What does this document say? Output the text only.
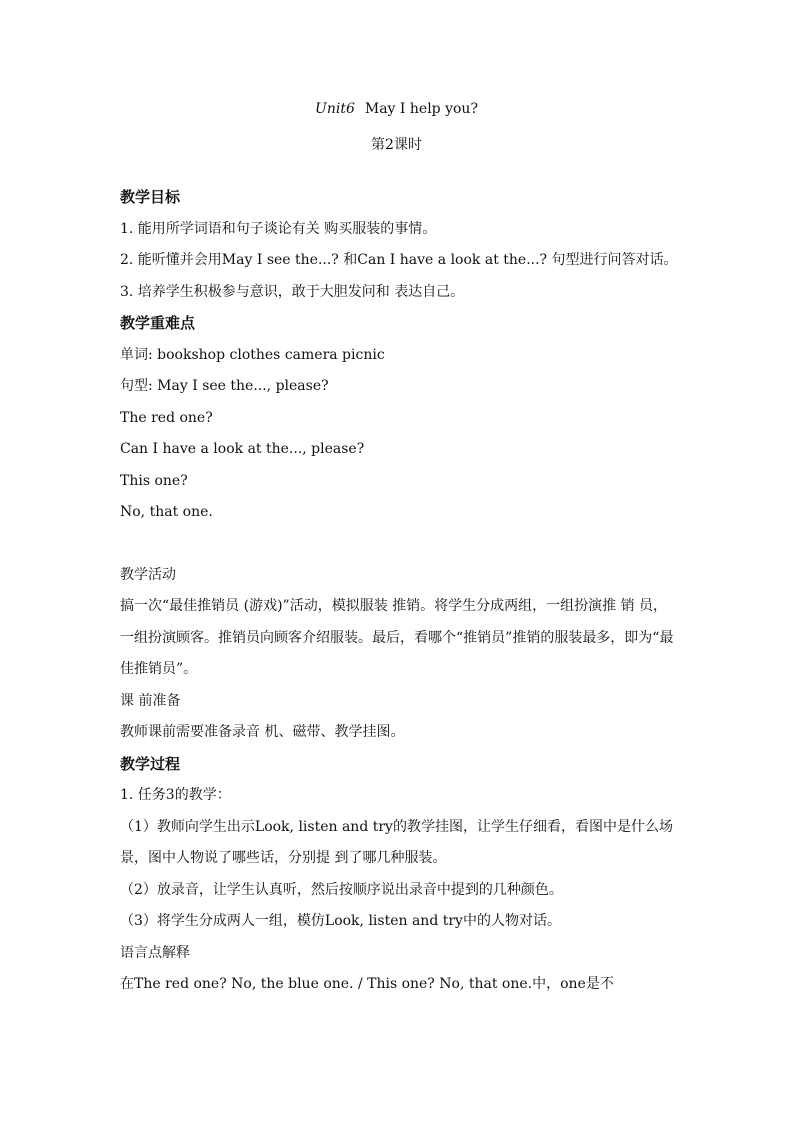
Unit6 May I help you?
第2课时
教学目标
1. 能用所学词语和句子谈论有关 购买服装的事情。
2. 能听懂并会用May I see the...? 和Can I have a look at the...? 句型进行问答对话。
3. 培养学生积极参与意识，敢于大胆发问和 表达自己。
教学重难点
单词: bookshop clothes camera picnic
句型: May I see the..., please?
The red one?
Can I have a look at the..., please?
This one?
No, that one.
教学活动
搞一次“最佳推销员 (游戏)”活动，模拟服装 推销。将学生分成两组，一组扮演推 销 员，一组扮演顾客。推销员向顾客介绍服装。最后，看哪个“推销员”推销的服装最多，即为“最佳推销员”。
课 前准备
教师课前需要准备录音 机、磁带、教学挂图。
教学过程
1. 任务3的教学：
（1）教师向学生出示Look, listen and try的教学挂图，让学生仔细看，看图中是什么场景，图中人物说了哪些话，分别提 到了哪几种服装。
（2）放录音，让学生认真听，然后按顺序说出录音中提到的几种颜色。
（3）将学生分成两人一组，模仿Look, listen and try中的人物对话。
语言点解释
在The red one? No, the blue one. / This one? No, that one.中，one是不
